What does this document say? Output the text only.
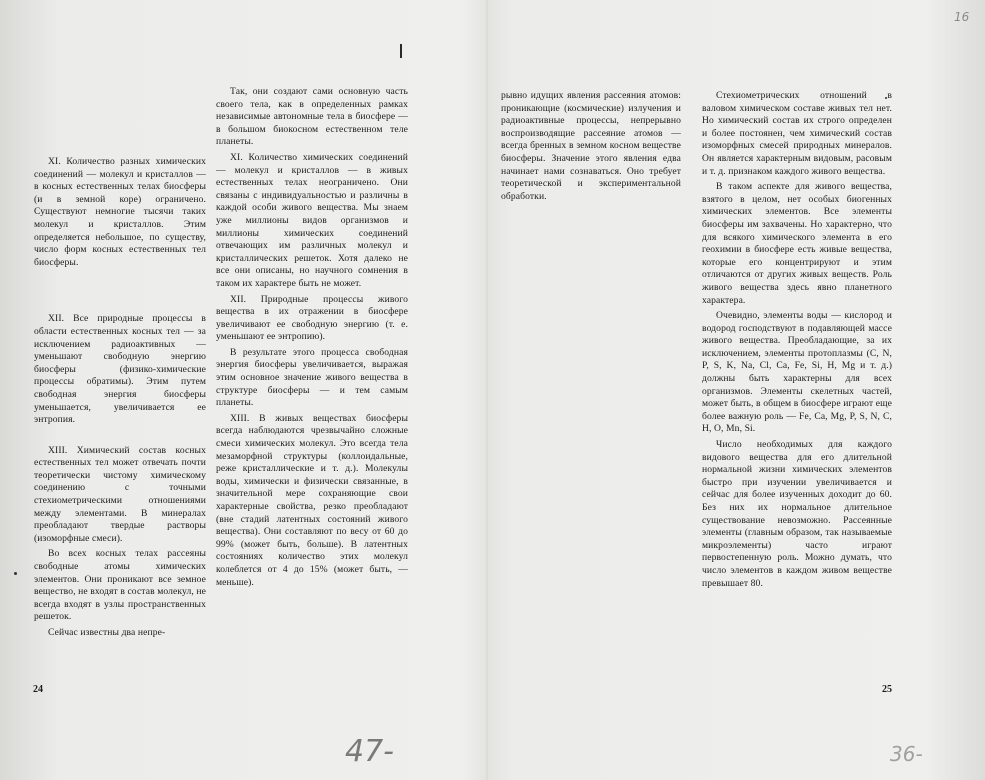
16

XI. Количество разных химических соединений — молекул и кристаллов — в косных естественных телах биосферы (и в земной коре) ограничено. Существуют немногие тысячи таких молекул и кристаллов. Этим определяется небольшое, по существу, число форм косных естественных тел биосферы.

XII. Все природные процессы в области естественных косных тел — за исключением радиоактивных — уменьшают свободную энергию биосферы (физико-химические процессы обратимы). Этим путем свободная энергия биосферы уменьшается, увеличивается ее энтропия.

XIII. Химический состав косных естественных тел может отвечать почти теоретически чистому химическому соединению с точными стехиометрическими отношениями между элементами. В минералах преобладают твердые растворы (изоморфные смеси).

Во всех косных телах рассеяны свободные атомы химических элементов. Они проникают все земное вещество, не входят в состав молекул, не всегда входят в узлы пространственных решеток.

Сейчас известны два непре-

Так, они создают сами основную часть своего тела, как в определенных рамках независимые автономные тела в биосфере — в большом биокосном естественном теле планеты.

XI. Количество химических соединений — молекул и кристаллов — в живых естественных телах неограничено. Они связаны с индивидуальностью и различны в каждой особи живого вещества. Мы знаем уже миллионы видов организмов и миллионы химических соединений отвечающих им различных молекул и кристаллических решеток. Хотя далеко не все они описаны, но научного сомнения в таком их характере быть не может.

XII. Природные процессы живого вещества в их отражении в биосфере увеличивают ее свободную энергию (т. е. уменьшают ее энтропию).

В результате этого процесса свободная энергия биосферы увеличивается, выражая этим основное значение живого вещества в структуре биосферы — и тем самым планеты.

XIII. В живых веществах биосферы всегда наблюдаются чрезвычайно сложные смеси химических молекул. Это всегда тела мезаморфной структуры (коллоидальные, реже кристаллические и т. д.). Молекулы воды, химически и физически связанные, в значительной мере сохраняющие свои характерные свойства, резко преобладают (вне стадий латентных состояний живого вещества). Они составляют по весу от 60 до 99% (может быть, больше). В латентных состояниях количество этих молекул колеблется от 4 до 15% (может быть, — меньше).

24

рывно идущих явления рассеяния атомов: проникающие (космические) излучения и радиоактивные процессы, непрерывно воспроизводящие рассеяние атомов — всегда бренных в земном косном веществе биосферы. Значение этого явления едва начинает нами сознаваться. Оно требует теоретической и экспериментальной обработки.

Стехиометрических отношений в валовом химическом составе живых тел нет. Но химический состав их строго определен и более постоянен, чем химический состав изоморфных смесей природных минералов. Он является характерным видовым, расовым и т. д. признаком каждого живого вещества.

В таком аспекте для живого вещества, взятого в целом, нет особых биогенных химических элементов. Все элементы биосферы им захвачены. Но характерно, что для всякого химического элемента в его геохимии в биосфере есть живые вещества, которые его концентрируют и этим отличаются от других живых веществ. Роль живого вещества здесь явно планетного характера.

Очевидно, элементы воды — кислород и водород господствуют в подавляющей массе живого вещества. Преобладающие, за их исключением, элементы протоплазмы (C, N, P, S, K, Na, Cl, Ca, Fe, Si, H, Mg и т. д.) должны быть характерны для всех организмов. Элементы скелетных частей, может быть, в общем в биосфере играют еще более важную роль — Fe, Ca, Mg, P, S, N, C, H, O, Mn, Si.

Число необходимых для каждого видового вещества для его длительной нормальной жизни химических элементов быстро при изучении увеличивается и сейчас для более изученных доходит до 60. Без них их нормальное длительное существование невозможно. Рассеянные элементы (главным образом, так называемые микроэлементы) часто играют первостепенную роль. Можно думать, что число элементов в каждом живом веществе превышает 80.

25
47-	36-
